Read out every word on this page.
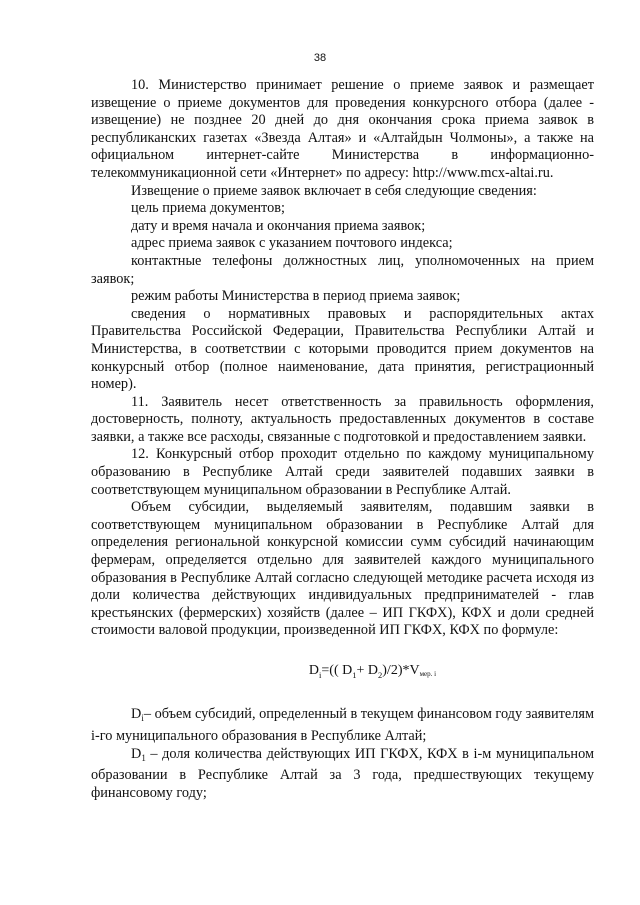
38

10. Министерство принимает решение о приеме заявок и размещает извещение о приеме документов для проведения конкурсного отбора (далее - извещение) не позднее 20 дней до дня окончания срока приема заявок в республиканских газетах «Звезда Алтая» и «Алтайдын Чолмоны», а также на официальном интернет-сайте Министерства в информационно-телекоммуникационной сети «Интернет» по адресу: http://www.mcx-altai.ru.

Извещение о приеме заявок включает в себя следующие сведения:

цель приема документов;

дату и время начала и окончания приема заявок;

адрес приема заявок с указанием почтового индекса;

контактные телефоны должностных лиц, уполномоченных на прием заявок;

режим работы Министерства в период приема заявок;

сведения о нормативных правовых и распорядительных актах Правительства Российской Федерации, Правительства Республики Алтай и Министерства, в соответствии с которыми проводится прием документов на конкурсный отбор (полное наименование, дата принятия, регистрационный номер).

11. Заявитель несет ответственность за правильность оформления, достоверность, полноту, актуальность предоставленных документов в составе заявки, а также все расходы, связанные с подготовкой и предоставлением заявки.

12. Конкурсный отбор проходит отдельно по каждому муниципальному образованию в Республике Алтай среди заявителей подавших заявки в соответствующем муниципальном образовании в Республике Алтай.

Объем субсидии, выделяемый заявителям, подавшим заявки в соответствующем муниципальном образовании в Республике Алтай для определения региональной конкурсной комиссии сумм субсидий начинающим фермерам, определяется отдельно для заявителей каждого муниципального образования в Республике Алтай согласно следующей методике расчета исходя из доли количества действующих индивидуальных предпринимателей - глав крестьянских (фермерских) хозяйств (далее – ИП ГКФХ), КФХ и доли средней стоимости валовой продукции, произведенной ИП ГКФХ, КФХ по формуле:

$D_i=$(( $D_1+$ $D_2)/2)*Vмер$. i

$D_i-$ объем субсидий, определенный в текущем финансовом году заявителям i-го муниципального образования в Республике Алтай;

$D_1$ – доля количества действующих ИП ГКФХ, КФХ в i-м муниципальном образовании в Республике Алтай за 3 года, предшествующих текущему финансовому году;
